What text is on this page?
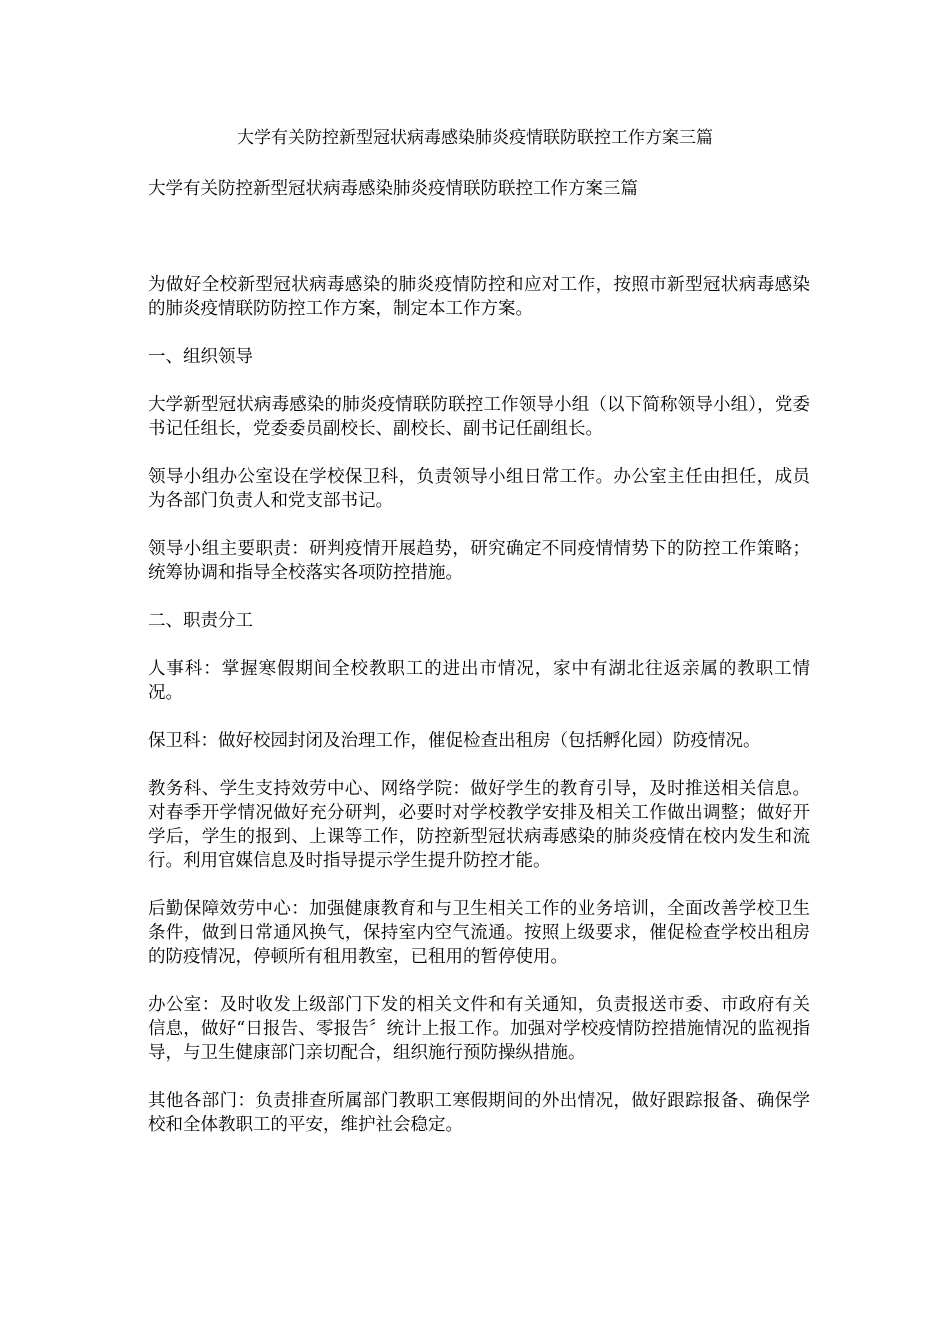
大学有关防控新型冠状病毒感染肺炎疫情联防联控工作方案三篇
大学有关防控新型冠状病毒感染肺炎疫情联防联控工作方案三篇

为做好全校新型冠状病毒感染的肺炎疫情防控和应对工作，按照市新型冠状病毒感染的肺炎疫情联防防控工作方案，制定本工作方案。

一、组织领导

大学新型冠状病毒感染的肺炎疫情联防联控工作领导小组（以下简称领导小组），党委书记任组长，党委委员副校长、副校长、副书记任副组长。

领导小组办公室设在学校保卫科，负责领导小组日常工作。办公室主任由担任，成员为各部门负责人和党支部书记。

领导小组主要职责：研判疫情开展趋势，研究确定不同疫情情势下的防控工作策略；统筹协调和指导全校落实各项防控措施。

二、职责分工

人事科：掌握寒假期间全校教职工的进出市情况，家中有湖北往返亲属的教职工情况。

保卫科：做好校园封闭及治理工作，催促检查出租房（包括孵化园）防疫情况。

教务科、学生支持效劳中心、网络学院：做好学生的教育引导，及时推送相关信息。对春季开学情况做好充分研判，必要时对学校教学安排及相关工作做出调整；做好开学后，学生的报到、上课等工作，防控新型冠状病毒感染的肺炎疫情在校内发生和流行。利用官媒信息及时指导提示学生提升防控才能。

后勤保障效劳中心：加强健康教育和与卫生相关工作的业务培训，全面改善学校卫生条件，做到日常通风换气，保持室内空气流通。按照上级要求，催促检查学校出租房的防疫情况，停顿所有租用教室，已租用的暂停使用。

办公室：及时收发上级部门下发的相关文件和有关通知，负责报送市委、市政府有关信息，做好“日报告、零报告〞统计上报工作。加强对学校疫情防控措施情况的监视指导，与卫生健康部门亲切配合，组织施行预防操纵措施。

其他各部门：负责排查所属部门教职工寒假期间的外出情况，做好跟踪报备、确保学校和全体教职工的平安，维护社会稳定。
